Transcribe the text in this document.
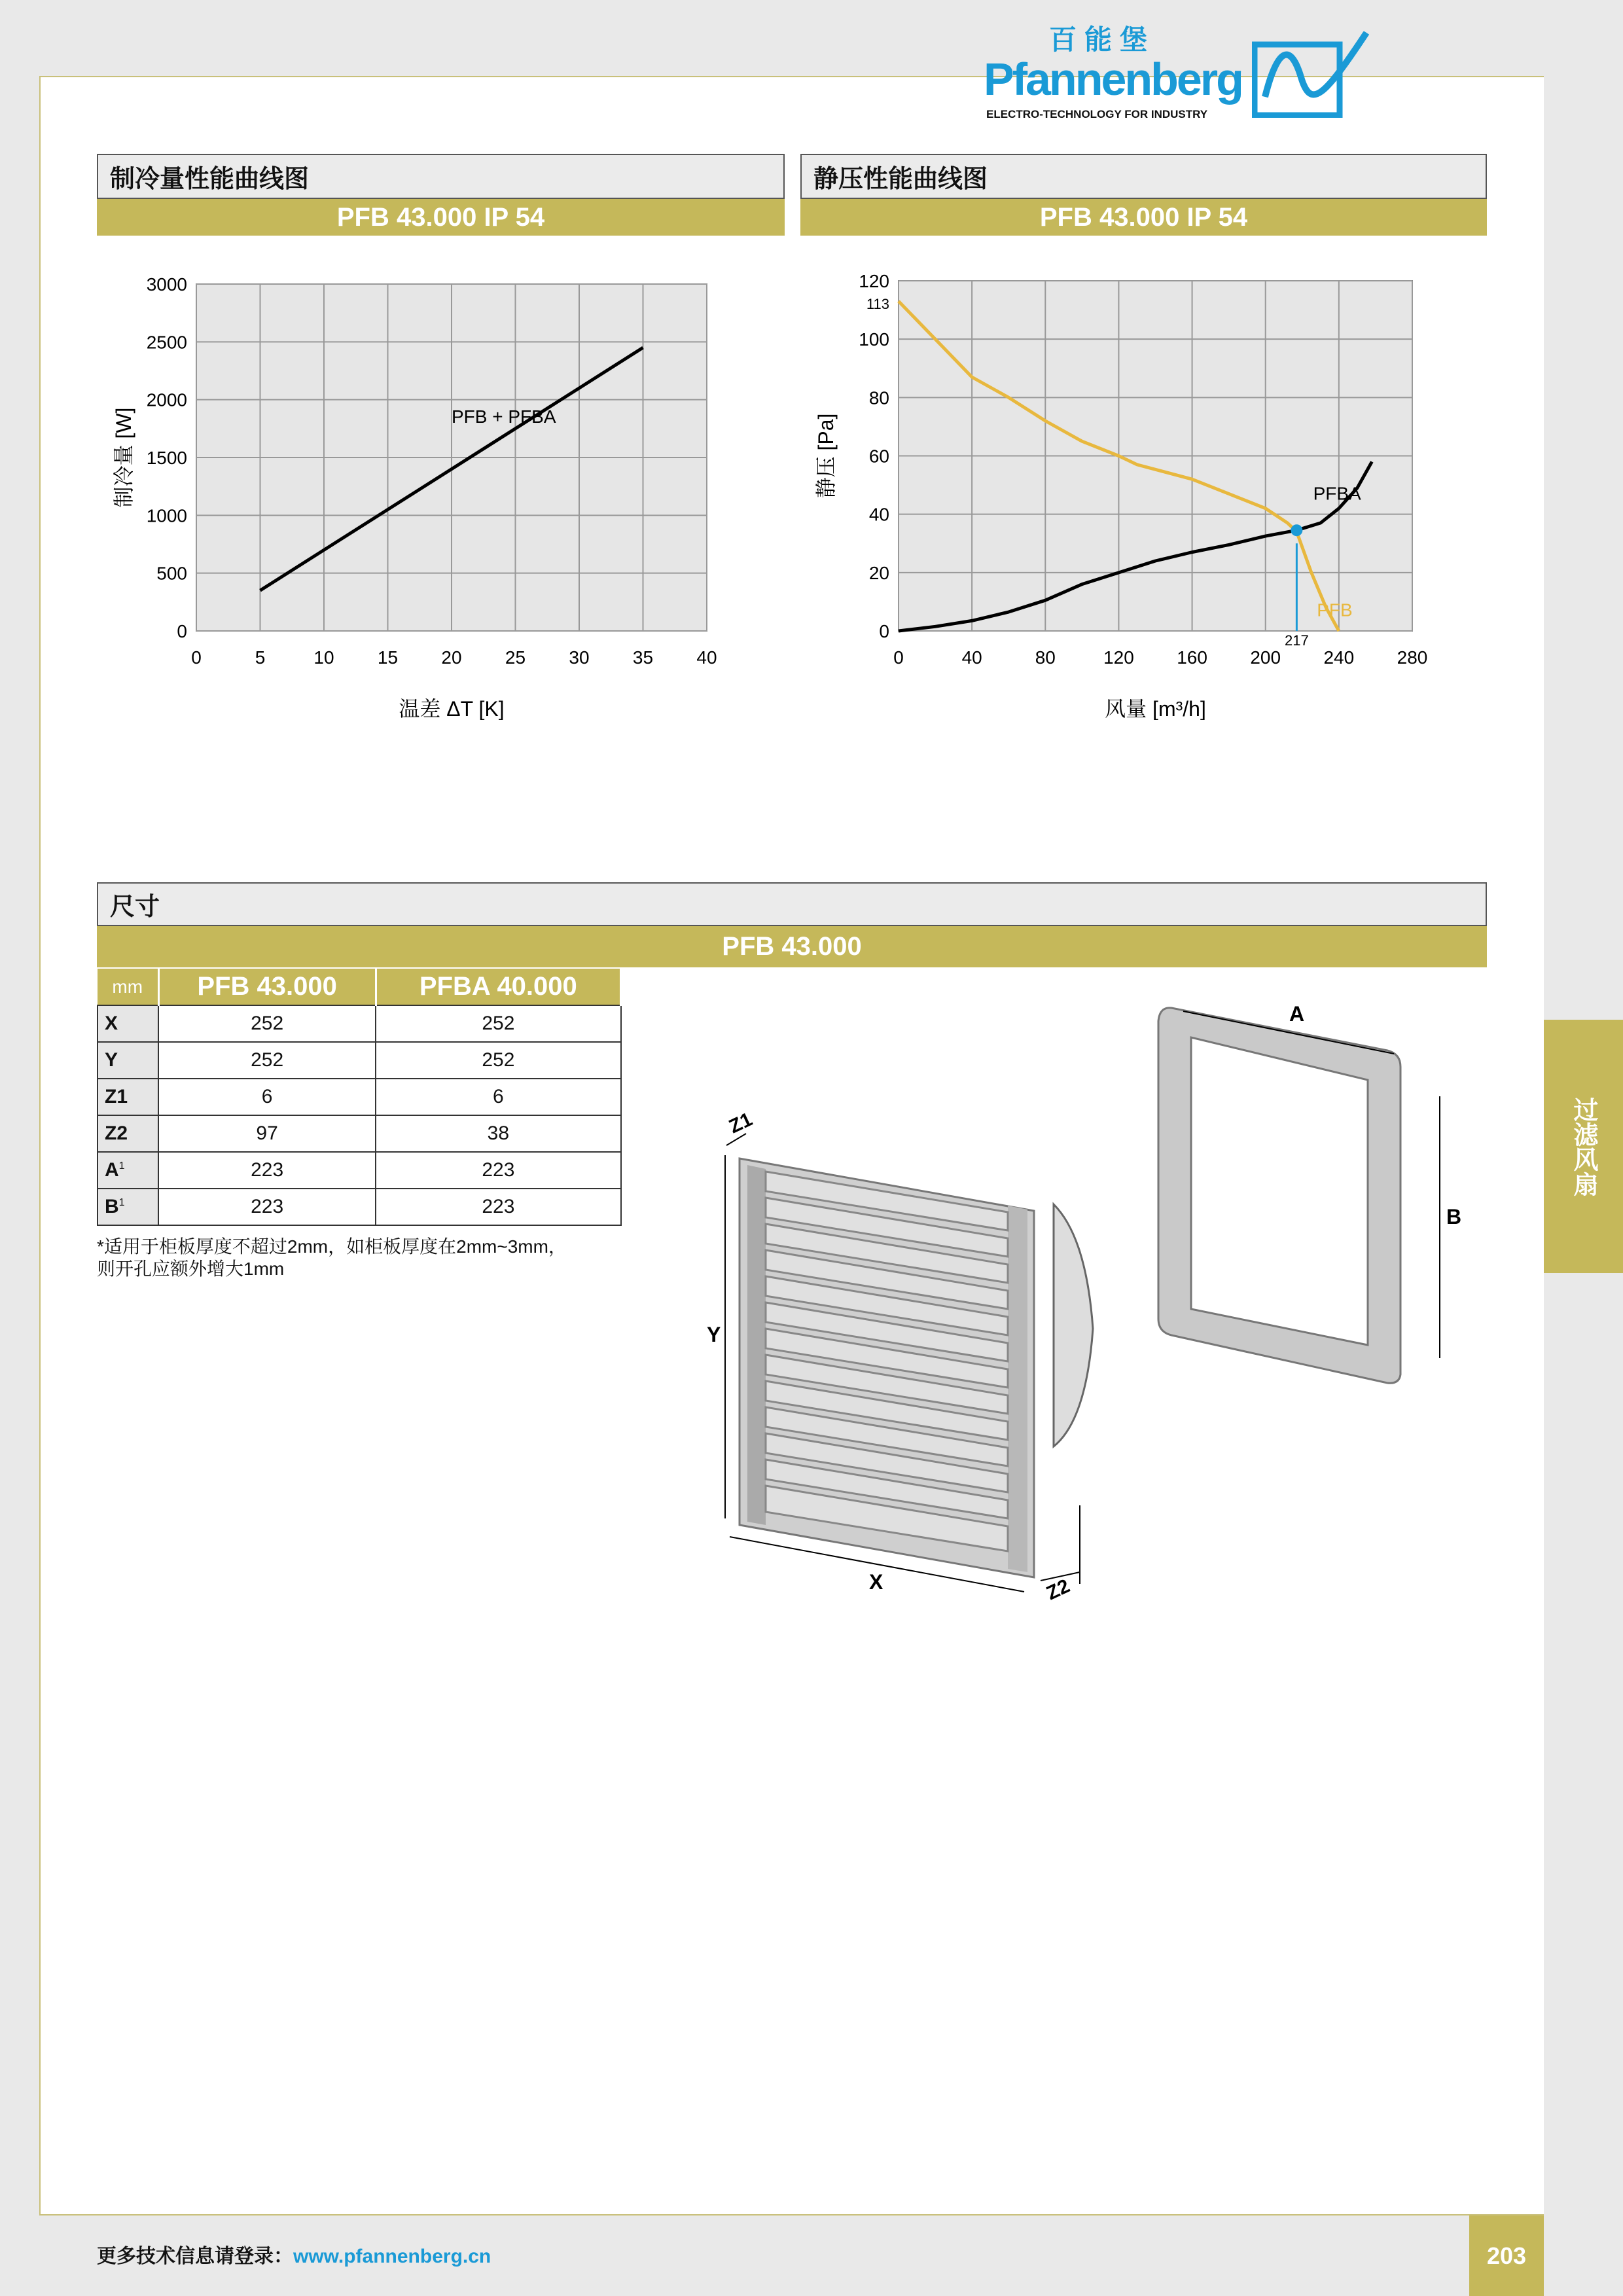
百能堡
Pfannenberg
ELECTRO-TECHNOLOGY FOR INDUSTRY
制冷量性能曲线图
PFB 43.000 IP 54
静压性能曲线图
PFB 43.000 IP 54
0	5	10 15 20 25 30 35 40
0
500
1000
1500
2000
2500
3000
温差 ΔT [K]
制冷量 [W]	PFB + PFBA
0	40	80	120 160 200 240 280
0
20
40
60
80
100
120
风量 [m³/h]
静压 [Pa]
217
113
PFBA
PFB
尺寸
PFB 43.000
mm	PFB 43.000	PFBA 40.000
X	252	252
Y	252	252
Z1	6	6
Z2	97	38
$A^1$	223	223
$B^1$	223	223
*适用于柜板厚度不超过2mm，如柜板厚度在2mm~3mm，
则开孔应额外增大1mm
Y
X
Z1
Z2
A
B
过滤风扇
更多技术信息请登录：www.pfannenberg.cn	203
